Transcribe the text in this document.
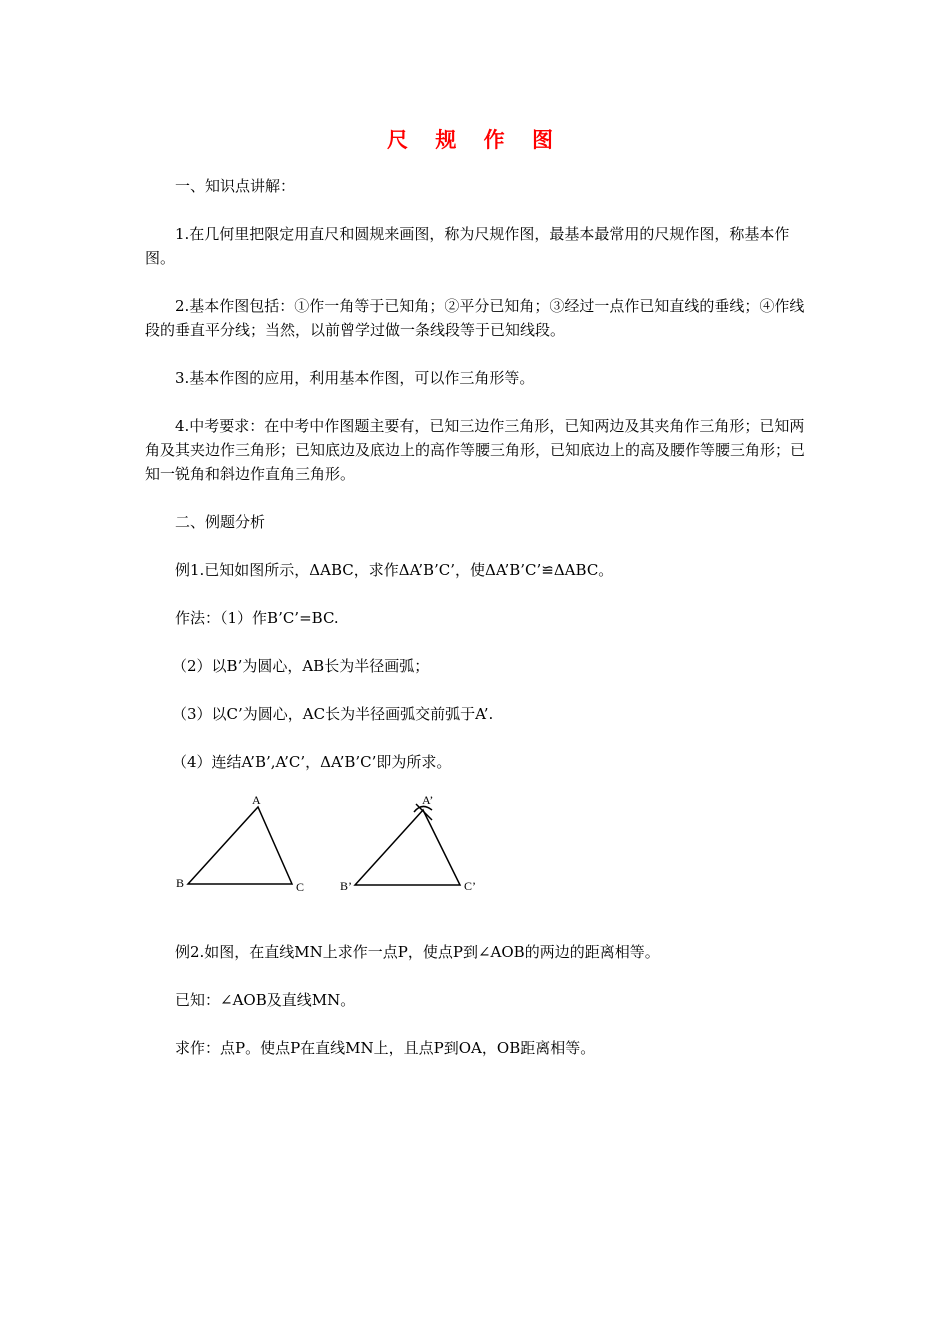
尺 规 作 图

一、知识点讲解：

1.在几何里把限定用直尺和圆规来画图，称为尺规作图，最基本最常用的尺规作图，称基本作图。

2.基本作图包括：①作一角等于已知角；②平分已知角；③经过一点作已知直线的垂线；④作线段的垂直平分线；当然，以前曾学过做一条线段等于已知线段。

3.基本作图的应用，利用基本作图，可以作三角形等。

4.中考要求：在中考中作图题主要有，已知三边作三角形，已知两边及其夹角作三角形；已知两角及其夹边作三角形；已知底边及底边上的高作等腰三角形，已知底边上的高及腰作等腰三角形；已知一锐角和斜边作直角三角形。

二、例题分析

例1.已知如图所示，ΔABC，求作ΔA’B’C’，使ΔA’B’C’≌ΔABC。

作法：（1）作B’C’=BC.

（2）以B’为圆心，AB长为半径画弧；

（3）以C’为圆心，AC长为半径画弧交前弧于A’.

（4）连结A’B’,A’C’，ΔA’B’C’即为所求。

A
B	C
A’
B’	C’

例2.如图，在直线MN上求作一点P，使点P到∠AOB的两边的距离相等。

已知：∠AOB及直线MN。

求作：点P。使点P在直线MN上，且点P到OA，OB距离相等。
